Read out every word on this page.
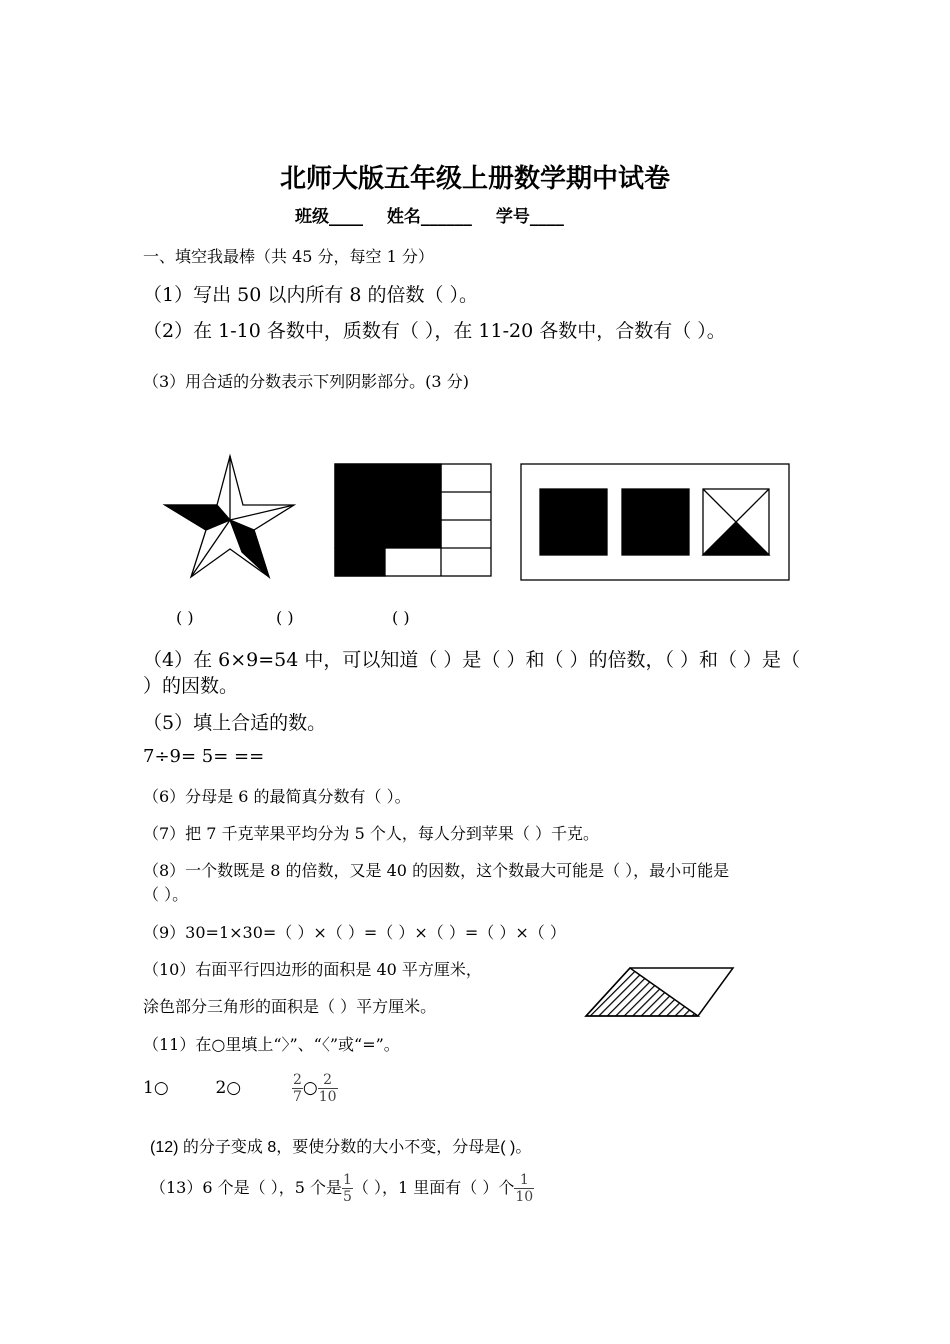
北师大版五年级上册数学期中试卷
班级____ 姓名______ 学号____
一、填空我最棒（共 45 分，每空 1 分）
（1）写出 50 以内所有 8 的倍数（ ）。
（2）在 1-10 各数中，质数有（ ），在 11-20 各数中，合数有（ ）。
（3）用合适的分数表示下列阴影部分。(3 分)
( )	( )	( )
（4）在 6×9=54 中，可以知道（ ）是（ ）和（ ）的倍数，（ ）和（ ）是（
）的因数。
（5）填上合适的数。
7÷9= 5= ==
（6）分母是 6 的最简真分数有（ ）。
（7）把 7 千克苹果平均分为 5 个人，每人分到苹果（ ）千克。
（8）一个数既是 8 的倍数，又是 40 的因数，这个数最大可能是（ ），最小可能是
（ ）。
（9）30=1×30=（ ）×（ ）=（ ）×（ ）=（ ）×（ ）
（10）右面平行四边形的面积是 40 平方厘米，
涂色部分三角形的面积是（ ）平方厘米。
（11）在○里填上“〉”、“〈”或“=”。
1○	2○	$\frac{2}{7}$ ○ $\frac{2}{10}$
(12) 的分子变成 8，要使分数的大小不变，分母是( )。
（13）6 个是（ ），5 个是 $\frac{1}{5}$ （ ），1 里面有（ ）个 $\frac{1}{10}$
